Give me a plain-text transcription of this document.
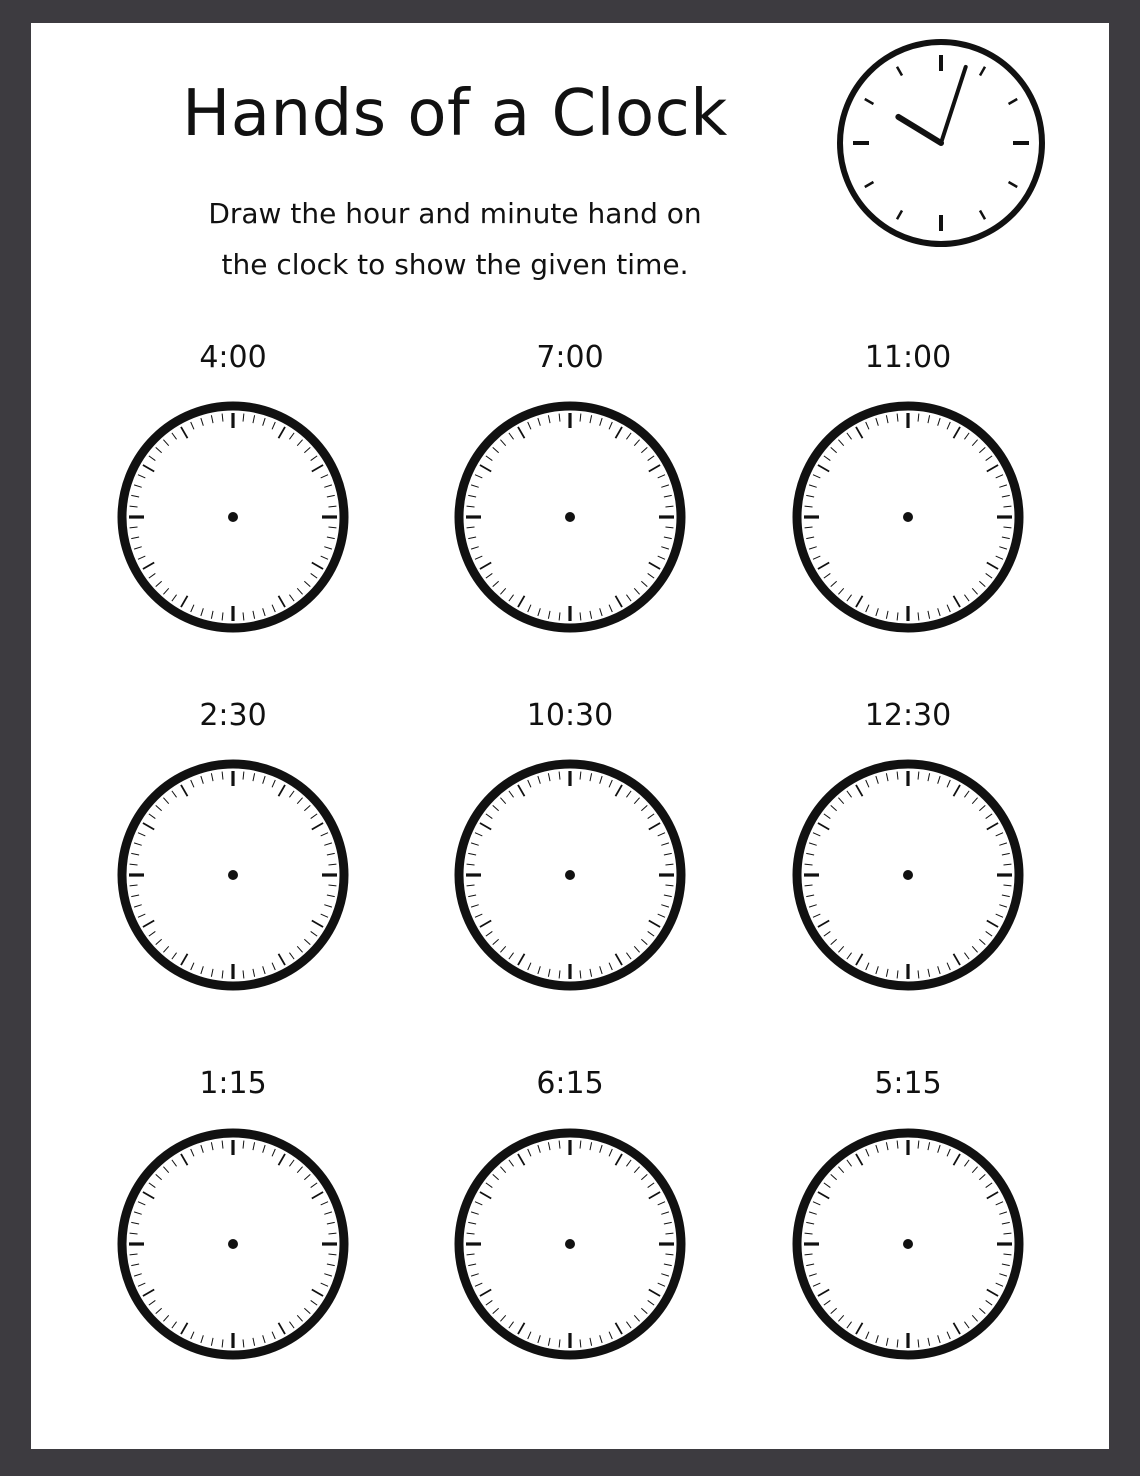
Hands of a Clock
Draw the hour and minute hand on
the clock to show the given time.
4:00	7:00	11:00
2:30	10:30	12:30
1:15	6:15	5:15
